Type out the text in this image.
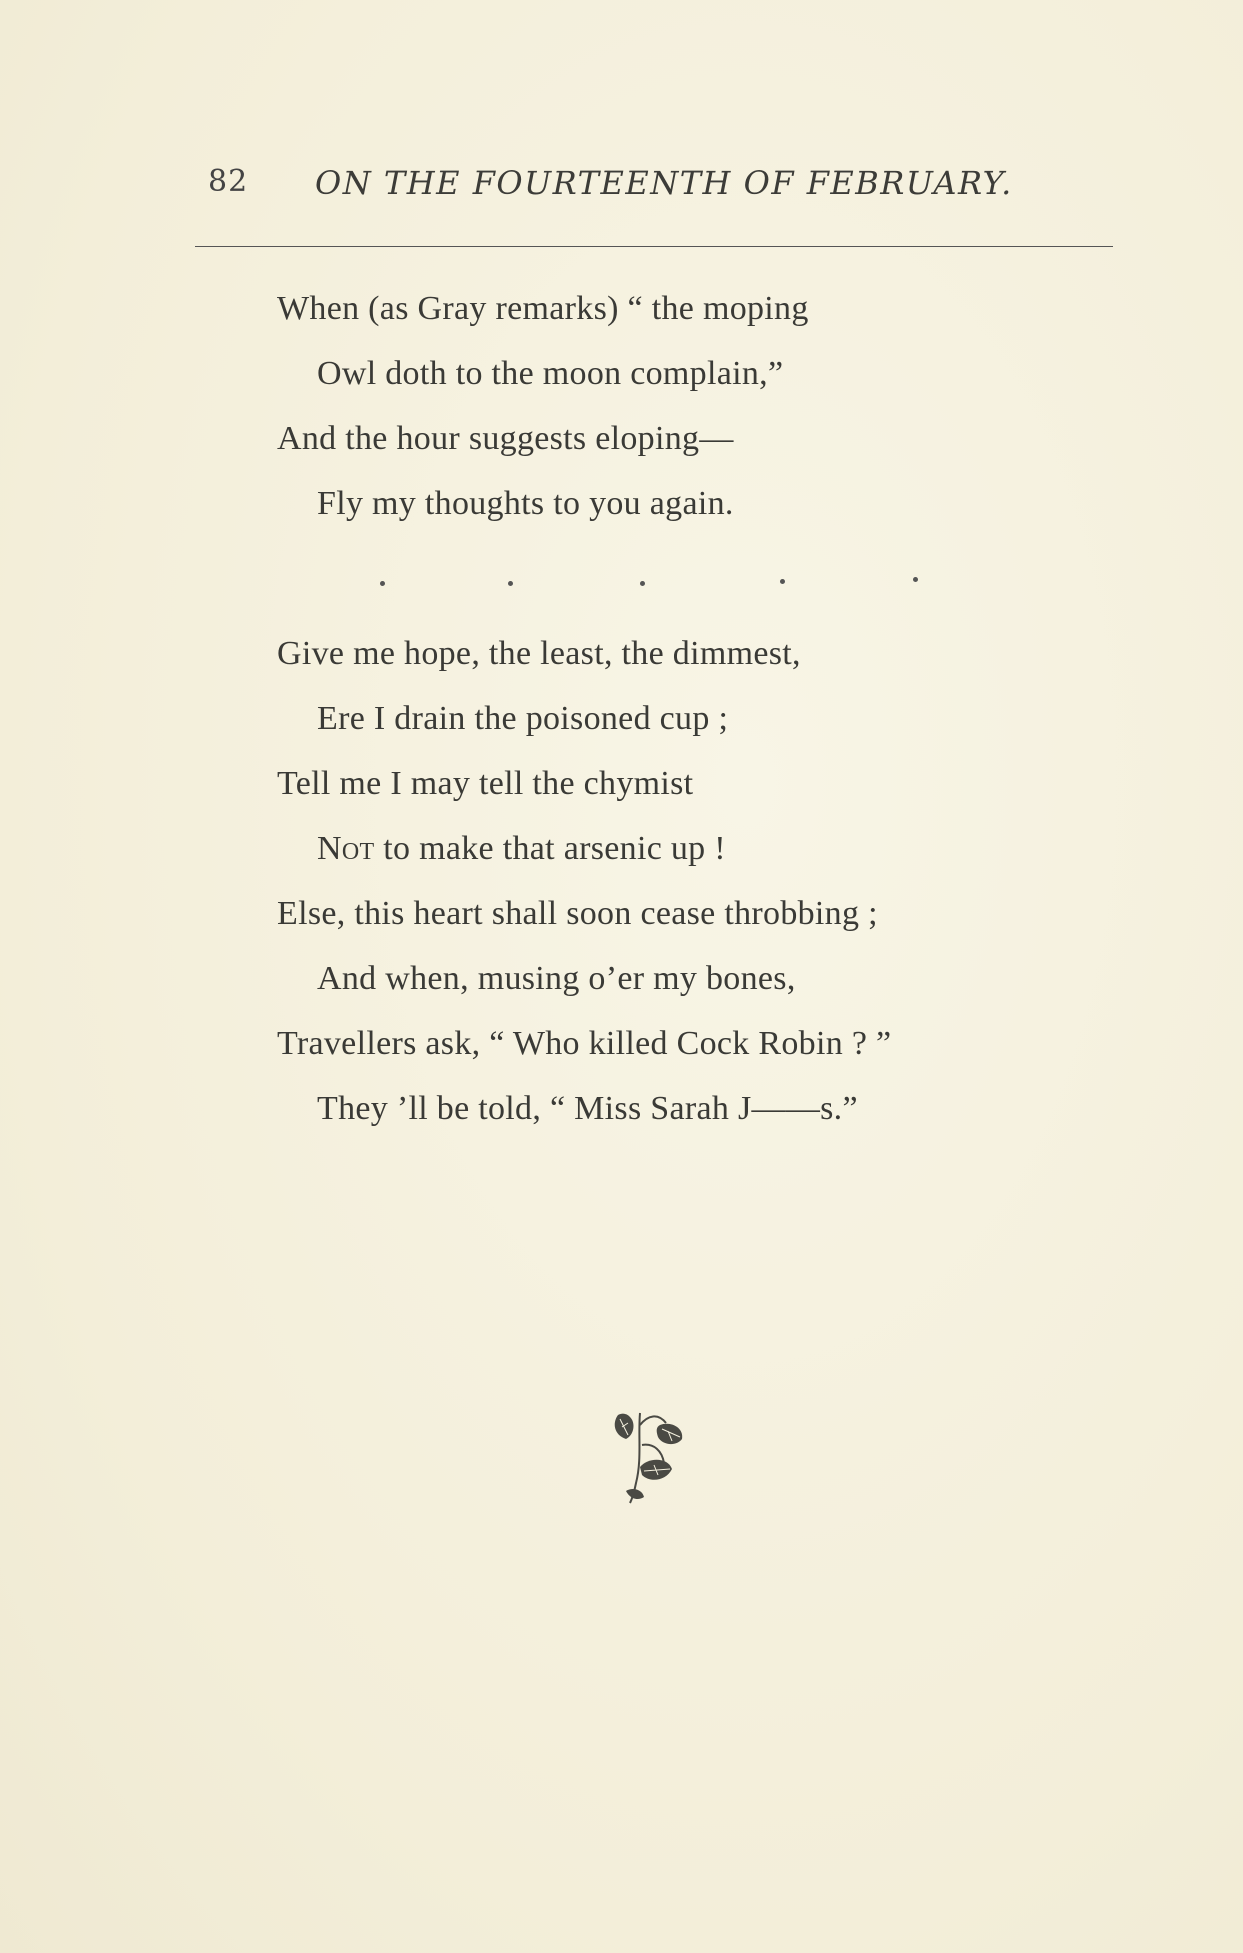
82 ON THE FOURTEENTH OF FEBRUARY.
When (as Gray remarks) “ the moping
Owl doth to the moon complain,”
And the hour suggests eloping—
Fly my thoughts to you again.
Give me hope, the least, the dimmest,
Ere I drain the poisoned cup ;
Tell me I may tell the chymist
Not to make that arsenic up !
Else, this heart shall soon cease throbbing ;
And when, musing o’er my bones,
Travellers ask, “ Who killed Cock Robin ? ”
They ’ll be told, “ Miss Sarah J——s.”
